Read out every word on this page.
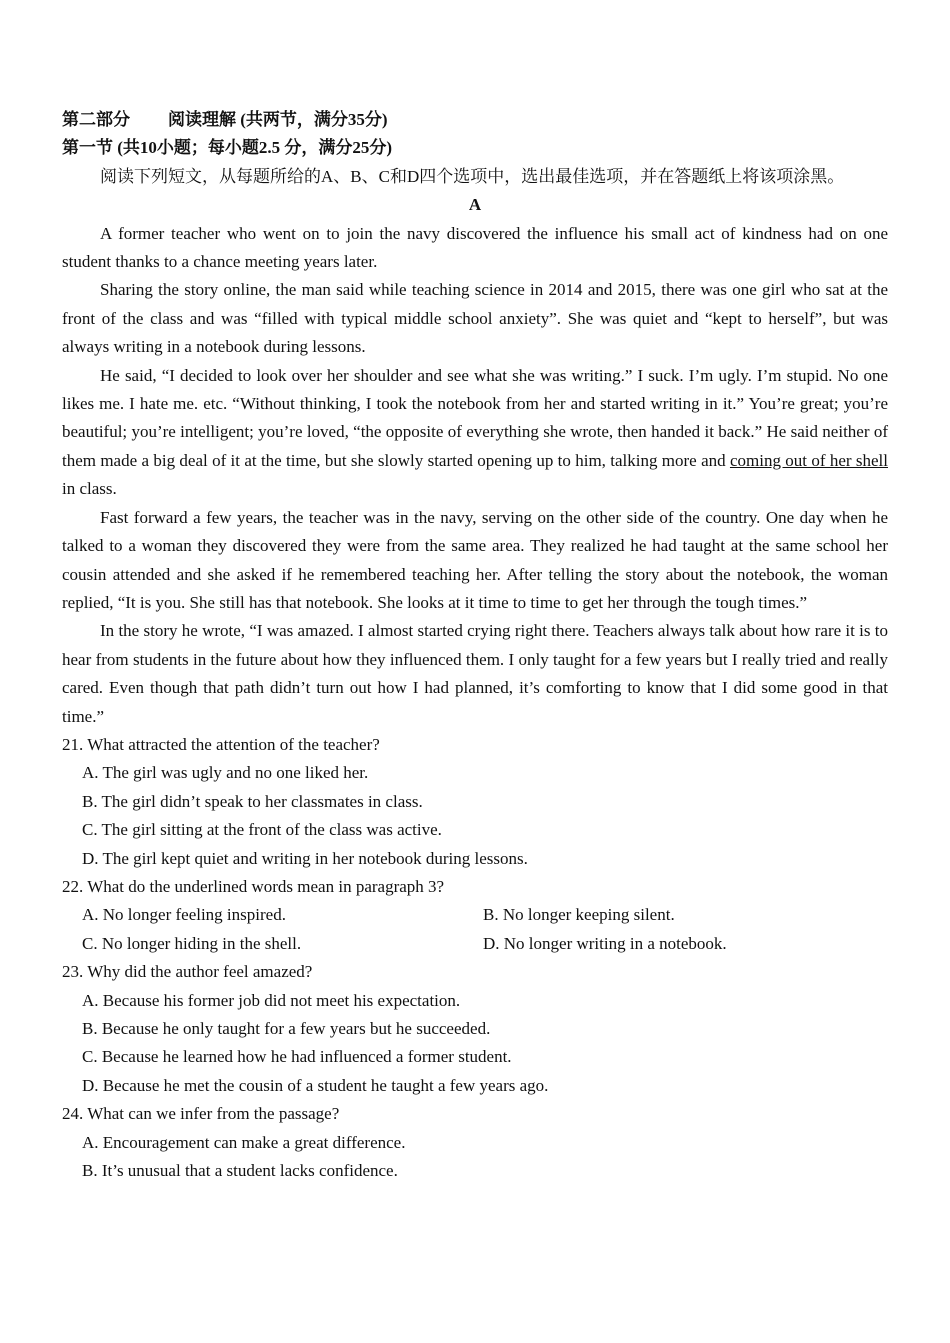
第二部分 阅读理解 (共两节，满分35分)

第一节 (共10小题；每小题2.5 分，满分25分)

阅读下列短文，从每题所给的A、B、C和D四个选项中，选出最佳选项，并在答题纸上将该项涂黑。

A

A former teacher who went on to join the navy discovered the influence his small act of kindness had on one student thanks to a chance meeting years later.

Sharing the story online, the man said while teaching science in 2014 and 2015, there was one girl who sat at the front of the class and was “filled with typical middle school anxiety”. She was quiet and “kept to herself”, but was always writing in a notebook during lessons.

He said, “I decided to look over her shoulder and see what she was writing.” I suck. I’m ugly. I’m stupid. No one likes me. I hate me. etc. “Without thinking, I took the notebook from her and started writing in it.” You’re great; you’re beautiful; you’re intelligent; you’re loved, “the opposite of everything she wrote, then handed it back.” He said neither of them made a big deal of it at the time, but she slowly started opening up to him, talking more and coming out of her shell in class.

Fast forward a few years, the teacher was in the navy, serving on the other side of the country. One day when he talked to a woman they discovered they were from the same area. They realized he had taught at the same school her cousin attended and she asked if he remembered teaching her. After telling the story about the notebook, the woman replied, “It is you. She still has that notebook. She looks at it time to time to get her through the tough times.”

In the story he wrote, “I was amazed. I almost started crying right there. Teachers always talk about how rare it is to hear from students in the future about how they influenced them. I only taught for a few years but I really tried and really cared. Even though that path didn’t turn out how I had planned, it’s comforting to know that I did some good in that time.”

21. What attracted the attention of the teacher?

A. The girl was ugly and no one liked her.

B. The girl didn’t speak to her classmates in class.

C. The girl sitting at the front of the class was active.

D. The girl kept quiet and writing in her notebook during lessons.

22. What do the underlined words mean in paragraph 3?

A. No longer feeling inspired.	B. No longer keeping silent.
C. No longer hiding in the shell.	D. No longer writing in a notebook.

23. Why did the author feel amazed?

A. Because his former job did not meet his expectation.

B. Because he only taught for a few years but he succeeded.

C. Because he learned how he had influenced a former student.

D. Because he met the cousin of a student he taught a few years ago.

24. What can we infer from the passage?

A. Encouragement can make a great difference.

B. It’s unusual that a student lacks confidence.
